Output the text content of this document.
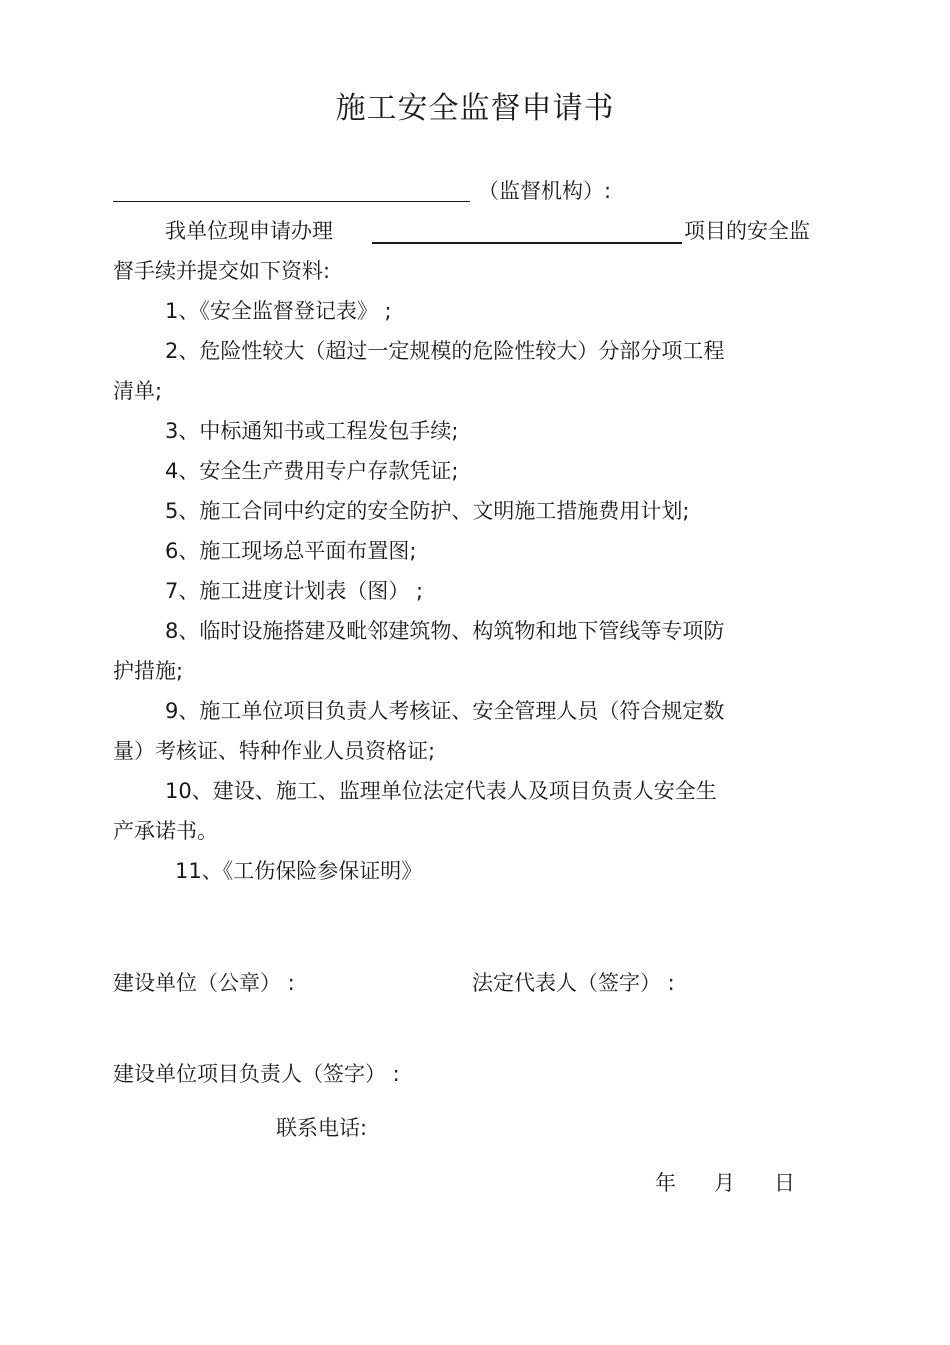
施工安全监督申请书
（监督机构）:
我单位现申请办理	项目的安全监
督手续并提交如下资料:
1、《安全监督登记表》 ;
2、危险性较大（超过一定规模的危险性较大）分部分项工程
清单;
3、中标通知书或工程发包手续;
4、安全生产费用专户存款凭证;
5、施工合同中约定的安全防护、文明施工措施费用计划;
6、施工现场总平面布置图;
7、施工进度计划表（图） ;
8、临时设施搭建及毗邻建筑物、构筑物和地下管线等专项防
护措施;
9、施工单位项目负责人考核证、安全管理人员（符合规定数
量）考核证、特种作业人员资格证;
10、建设、施工、监理单位法定代表人及项目负责人安全生
产承诺书。
11、《工伤保险参保证明》
建设单位（公章） :	法定代表人（签字） :
建设单位项目负责人（签字） :
联系电话:
年 月 日
